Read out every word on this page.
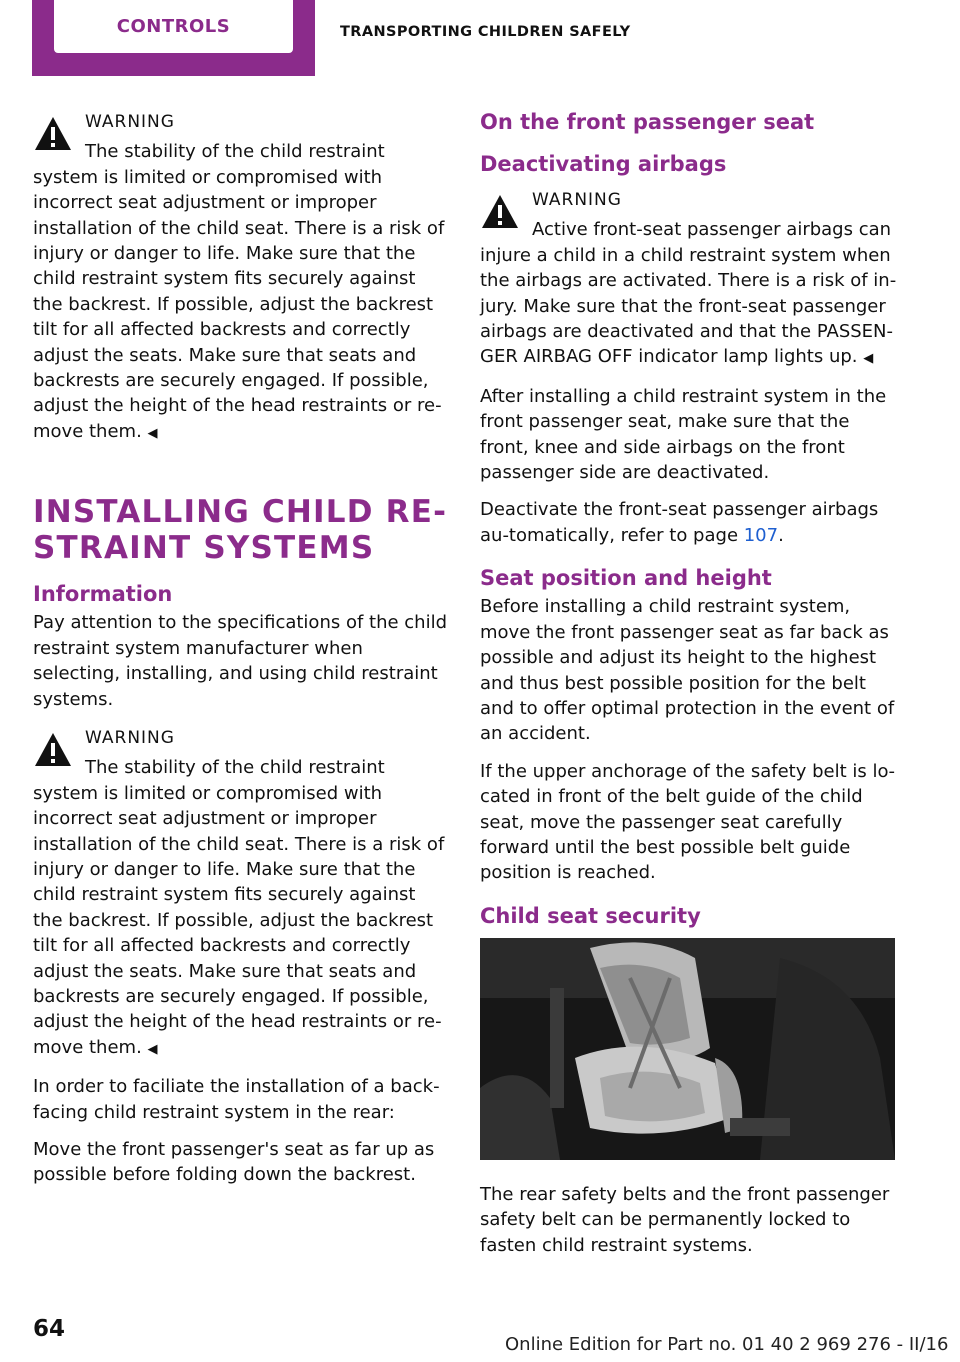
CONTROLS	TRANSPORTING CHILDREN SAFELY
WARNING

The stability of the child restraint system is limited or compromised with incorrect seat adjustment or improper installation of the child seat. There is a risk of injury or danger to life. Make sure that the child restraint system fits securely against the backrest. If possible, adjust the backrest tilt for all affected backrests and correctly adjust the seats. Make sure that seats and backrests are securely engaged. If possible, adjust the height of the head restraints or re‐move them. ◀

INSTALLING CHILD RE‐STRAINT SYSTEMS
Information

Pay attention to the specifications of the child restraint system manufacturer when selecting, installing, and using child restraint systems.

WARNING

The stability of the child restraint system is limited or compromised with incorrect seat adjustment or improper installation of the child seat. There is a risk of injury or danger to life. Make sure that the child restraint system fits securely against the backrest. If possible, adjust the backrest tilt for all affected backrests and correctly adjust the seats. Make sure that seats and backrests are securely engaged. If possible, adjust the height of the head restraints or re‐move them. ◀

In order to faciliate the installation of a back‐facing child restraint system in the rear:

Move the front passenger's seat as far up as possible before folding down the backrest.

On the front passenger seat
Deactivating airbags
WARNING

Active front-seat passenger airbags can injure a child in a child restraint system when the airbags are activated. There is a risk of in‐jury. Make sure that the front-seat passenger airbags are deactivated and that the PASSEN‐GER AIRBAG OFF indicator lamp lights up. ◀

After installing a child restraint system in the front passenger seat, make sure that the front, knee and side airbags on the front passenger side are deactivated.

Deactivate the front-seat passenger airbags au‐tomatically, refer to page 107.

Seat position and height

Before installing a child restraint system, move the front passenger seat as far back as possible and adjust its height to the highest and thus best possible position for the belt and to offer optimal protection in the event of an accident.

If the upper anchorage of the safety belt is lo‐cated in front of the belt guide of the child seat, move the passenger seat carefully forward until the best possible belt guide position is reached.

Child seat security

The rear safety belts and the front passenger safety belt can be permanently locked to fasten child restraint systems.

64
Online Edition for Part no. 01 40 2 969 276 - II/16
